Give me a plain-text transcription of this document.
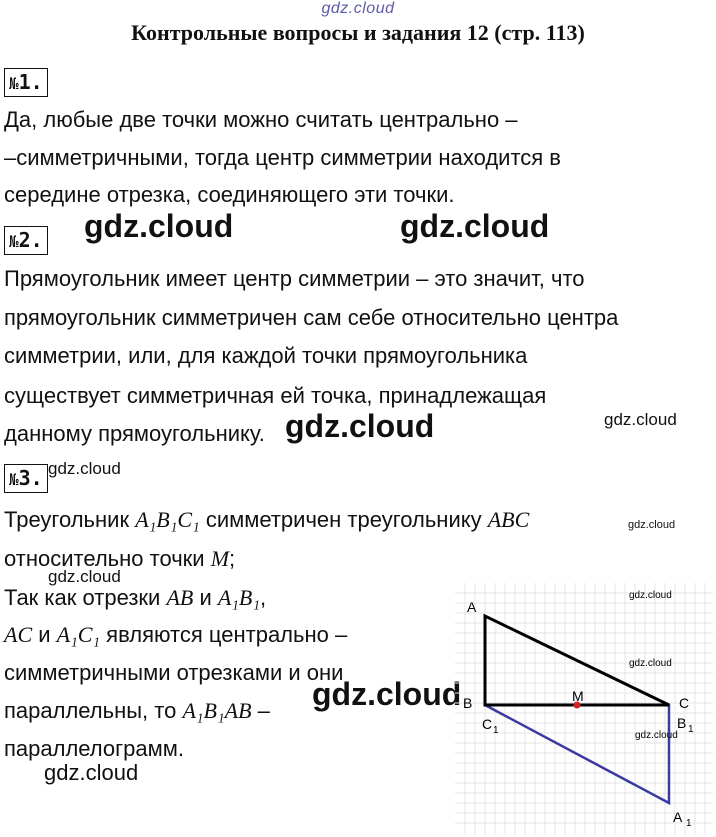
gdz.cloud
Контрольные вопросы и задания 12 (стр. 113)
№1.
Да, любые две точки можно считать центрально –
–симметричными, тогда центр симметрии находится в
середине отрезка, соединяющего эти точки.
№2. gdz.cloud	gdz.cloud
Прямоугольник имеет центр симметрии – это значит, что
прямоугольник симметричен сам себе относительно центра
симметрии, или, для каждой точки прямоугольника
существует симметричная ей точка, принадлежащая
данному прямоугольнику. gdz.cloud	gdz.cloud
№3. gdz.cloud
Треугольник A₁B₁C₁ симметричен треугольнику ABC	gdz.cloud
относительно точки M;
gdz.cloud
Так как отрезки AB и A₁B₁,
AC и A₁C₁ являются центрально –
симметричными отрезками и они
параллельны, то A₁B₁AB –
параллелограмм.
gdz.cloud
gdz.cloud
A
B	C
M
C 1	B 1
A 1
gdz.cloud
gdz.cloud
gdz.cloud
